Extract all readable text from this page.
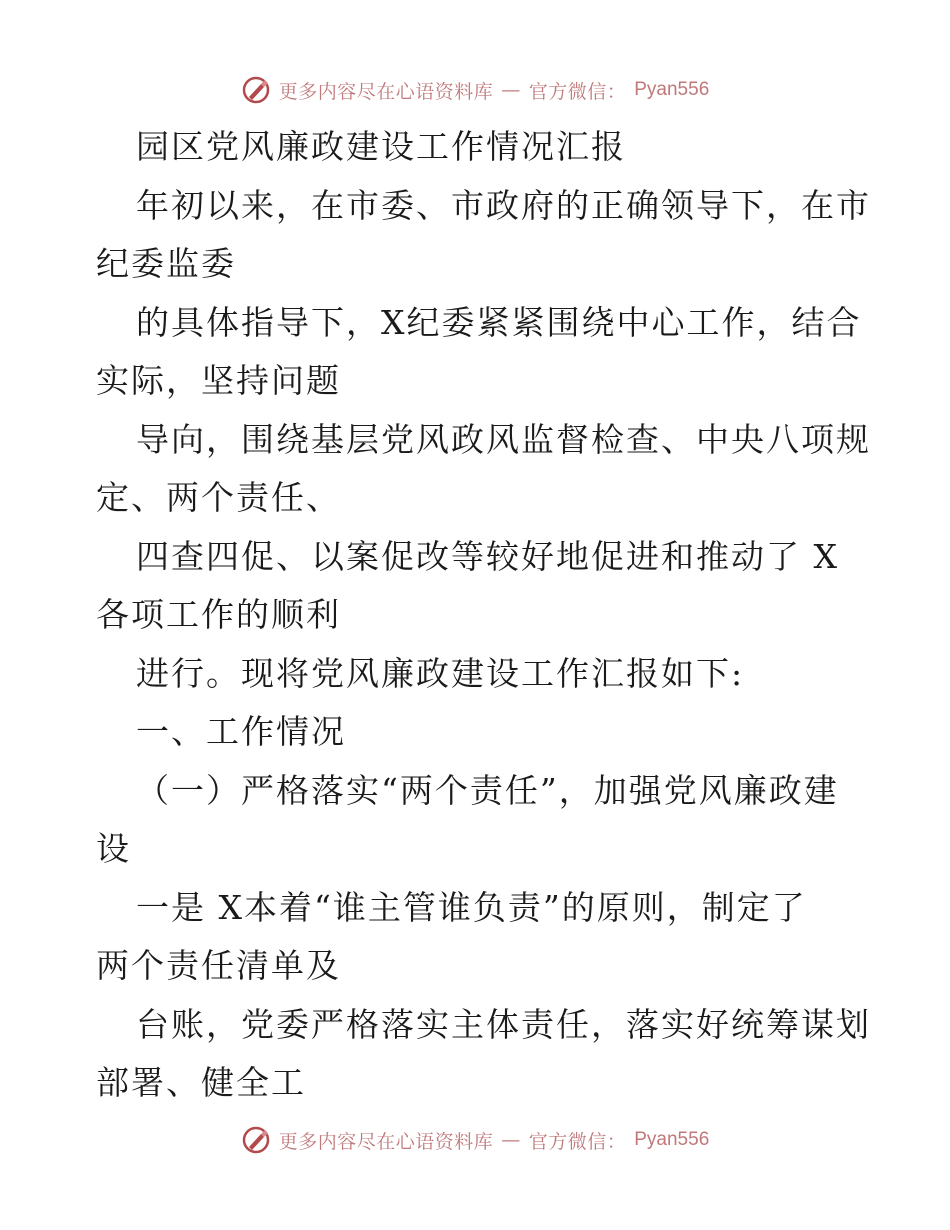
更多内容尽在心语资料库 — 官方微信： Pyan556
园区党风廉政建设工作情况汇报
年初以来，在市委、市政府的正确领导下，在市
纪委监委
的具体指导下，X纪委紧紧围绕中心工作，结合
实际，坚持问题
导向，围绕基层党风政风监督检查、中央八项规
定、两个责任、
四查四促、以案促改等较好地促进和推动了 X
各项工作的顺利
进行。现将党风廉政建设工作汇报如下:
一、工作情况
（一）严格落实“两个责任”，加强党风廉政建
设
一是 X本着“谁主管谁负责”的原则，制定了
两个责任清单及
台账，党委严格落实主体责任，落实好统筹谋划
部署、健全工
更多内容尽在心语资料库 — 官方微信： Pyan556
